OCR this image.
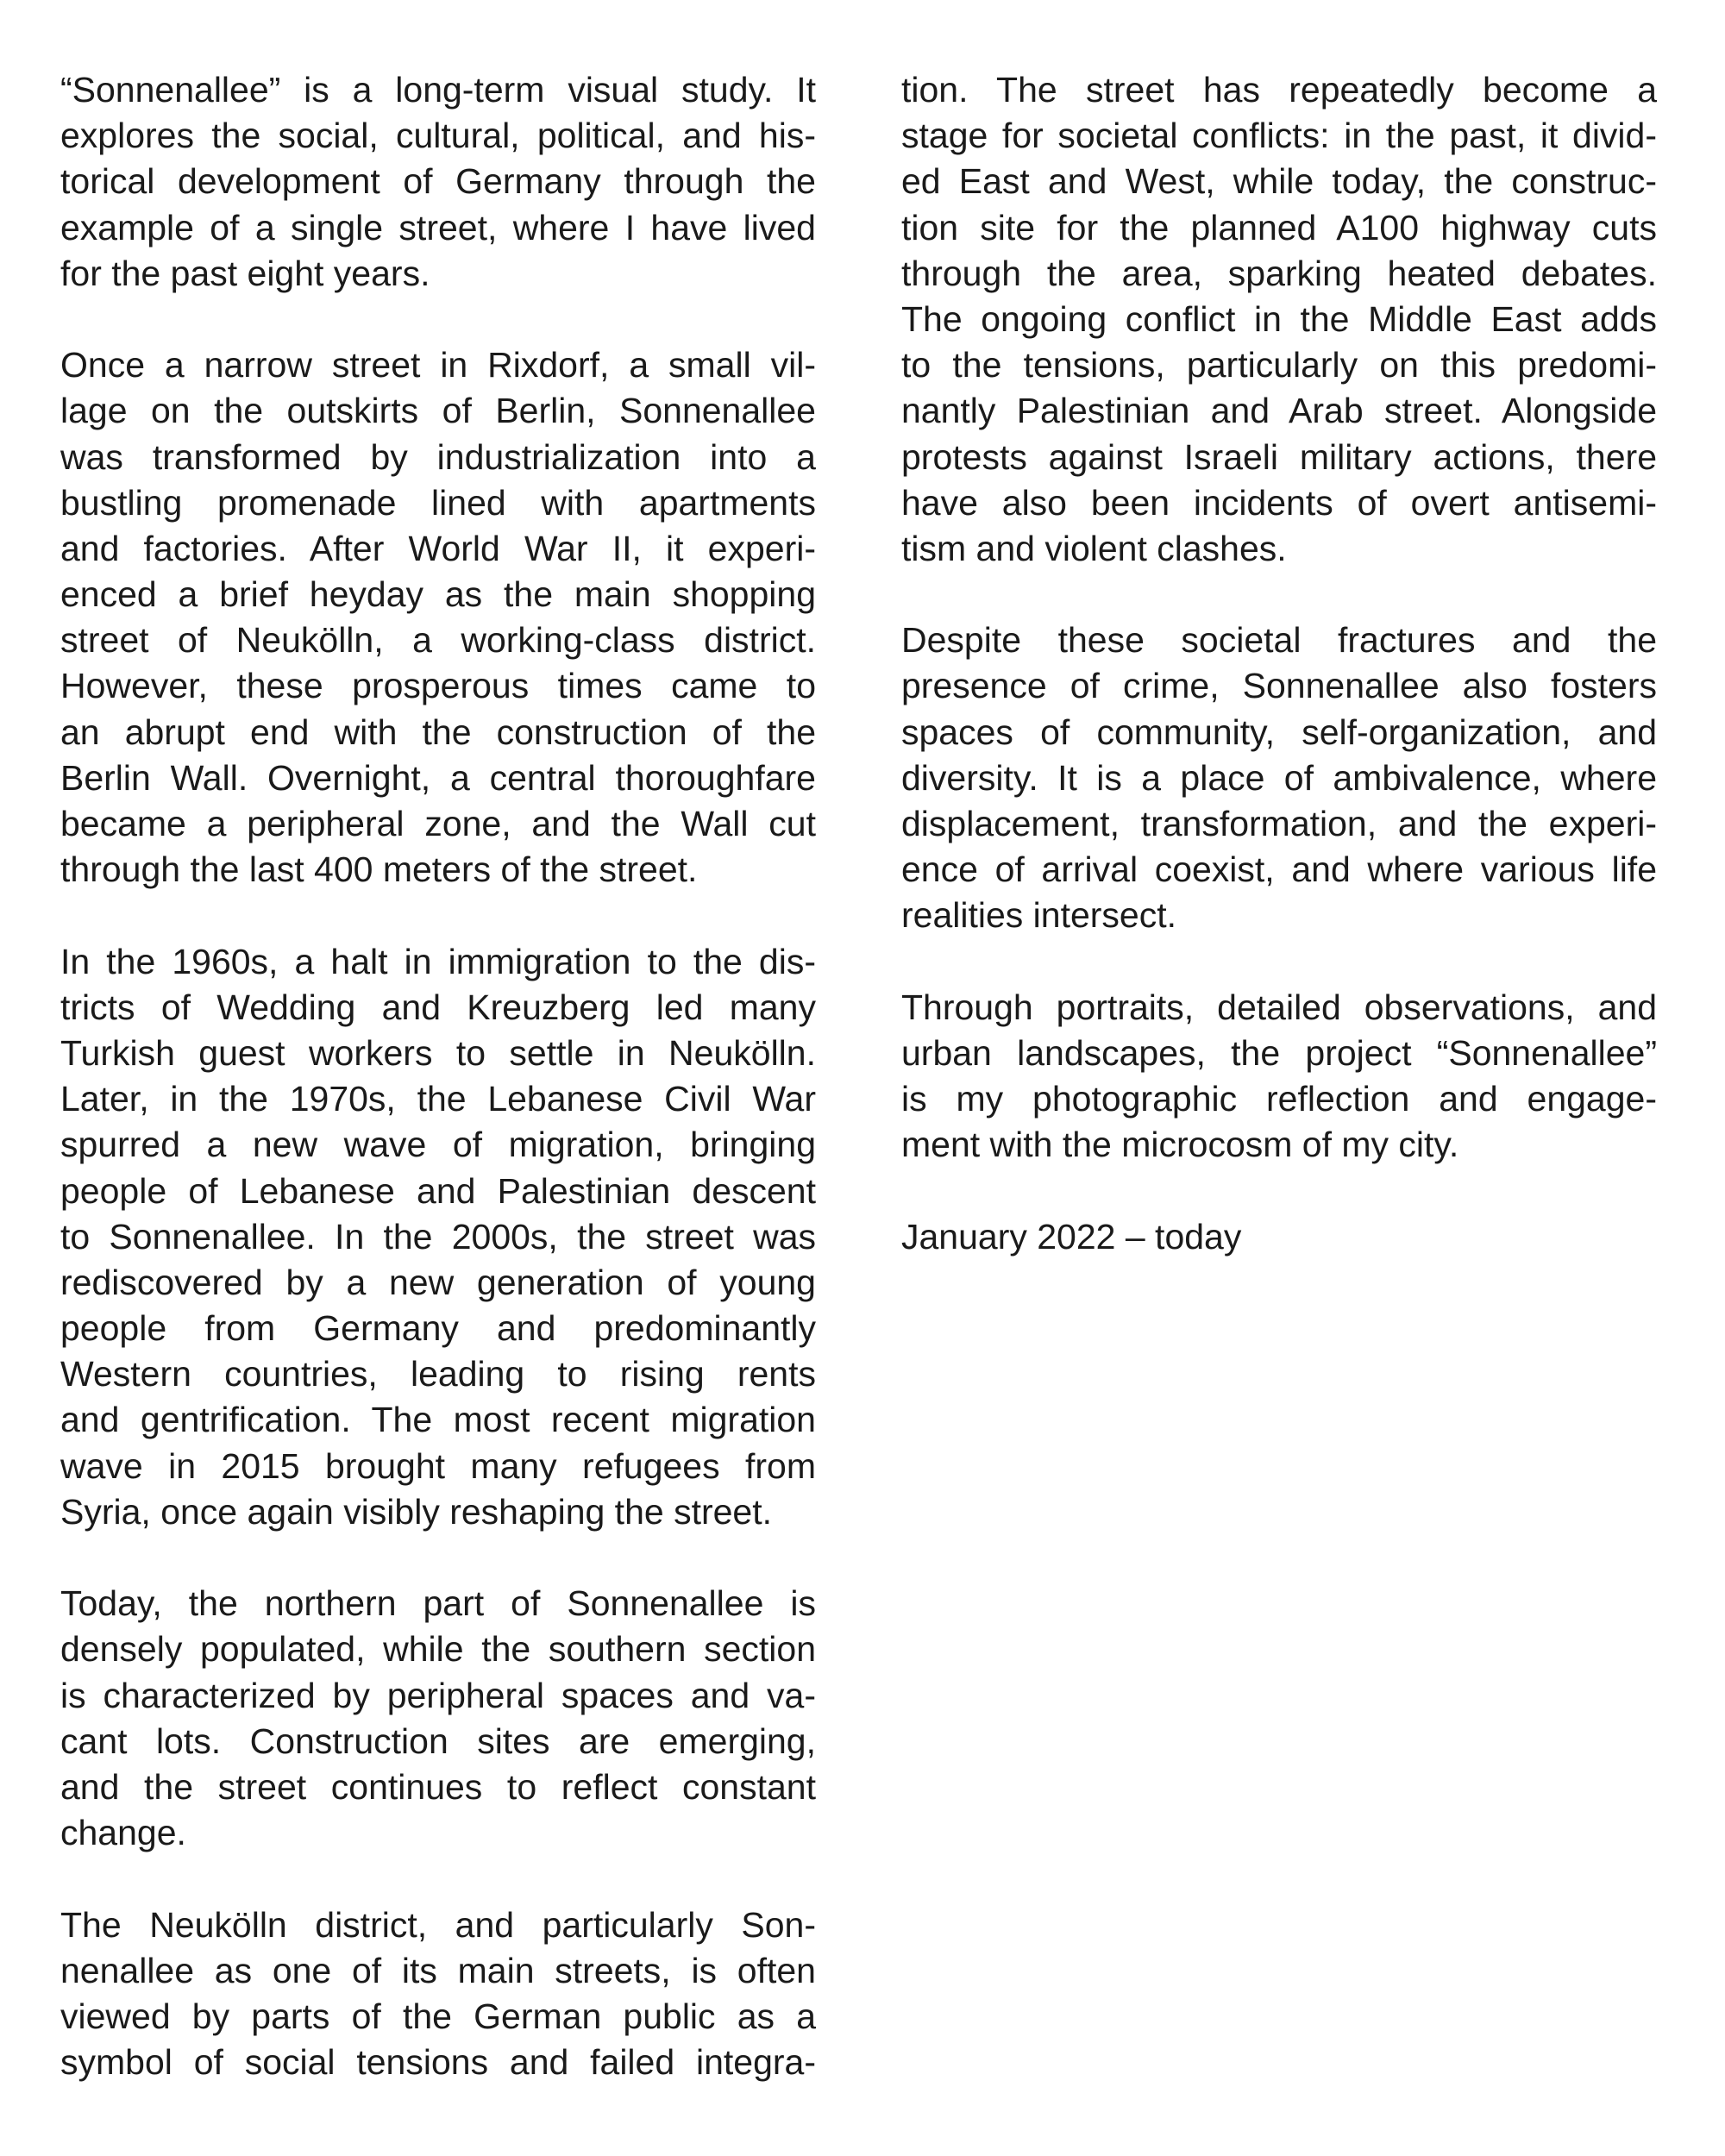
“Sonnenallee” is a long-term visual study. It
explores the social, cultural, political, and his-
torical development of Germany through the
example of a single street, where I have lived
for the past eight years.
Once a narrow street in Rixdorf, a small vil-
lage on the outskirts of Berlin, Sonnenallee
was transformed by industrialization into a
bustling promenade lined with apartments
and factories. After World War II, it experi-
enced a brief heyday as the main shopping
street of Neukölln, a working-class district.
However, these prosperous times came to
an abrupt end with the construction of the
Berlin Wall. Overnight, a central thoroughfare
became a peripheral zone, and the Wall cut
through the last 400 meters of the street.
In the 1960s, a halt in immigration to the dis-
tricts of Wedding and Kreuzberg led many
Turkish guest workers to settle in Neukölln.
Later, in the 1970s, the Lebanese Civil War
spurred a new wave of migration, bringing
people of Lebanese and Palestinian descent
to Sonnenallee. In the 2000s, the street was
rediscovered by a new generation of young
people from Germany and predominantly
Western countries, leading to rising rents
and gentrification. The most recent migration
wave in 2015 brought many refugees from
Syria, once again visibly reshaping the street.
Today, the northern part of Sonnenallee is
densely populated, while the southern section
is characterized by peripheral spaces and va-
cant lots. Construction sites are emerging,
and the street continues to reflect constant
change.
The Neukölln district, and particularly Son-
nenallee as one of its main streets, is often
viewed by parts of the German public as a
symbol of social tensions and failed integra-
tion. The street has repeatedly become a
stage for societal conflicts: in the past, it divid-
ed East and West, while today, the construc-
tion site for the planned A100 highway cuts
through the area, sparking heated debates.
The ongoing conflict in the Middle East adds
to the tensions, particularly on this predomi-
nantly Palestinian and Arab street. Alongside
protests against Israeli military actions, there
have also been incidents of overt antisemi-
tism and violent clashes.
Despite these societal fractures and the
presence of crime, Sonnenallee also fosters
spaces of community, self-organization, and
diversity. It is a place of ambivalence, where
displacement, transformation, and the experi-
ence of arrival coexist, and where various life
realities intersect.
Through portraits, detailed observations, and
urban landscapes, the project “Sonnenallee”
is my photographic reflection and engage-
ment with the microcosm of my city.
January 2022 – today
